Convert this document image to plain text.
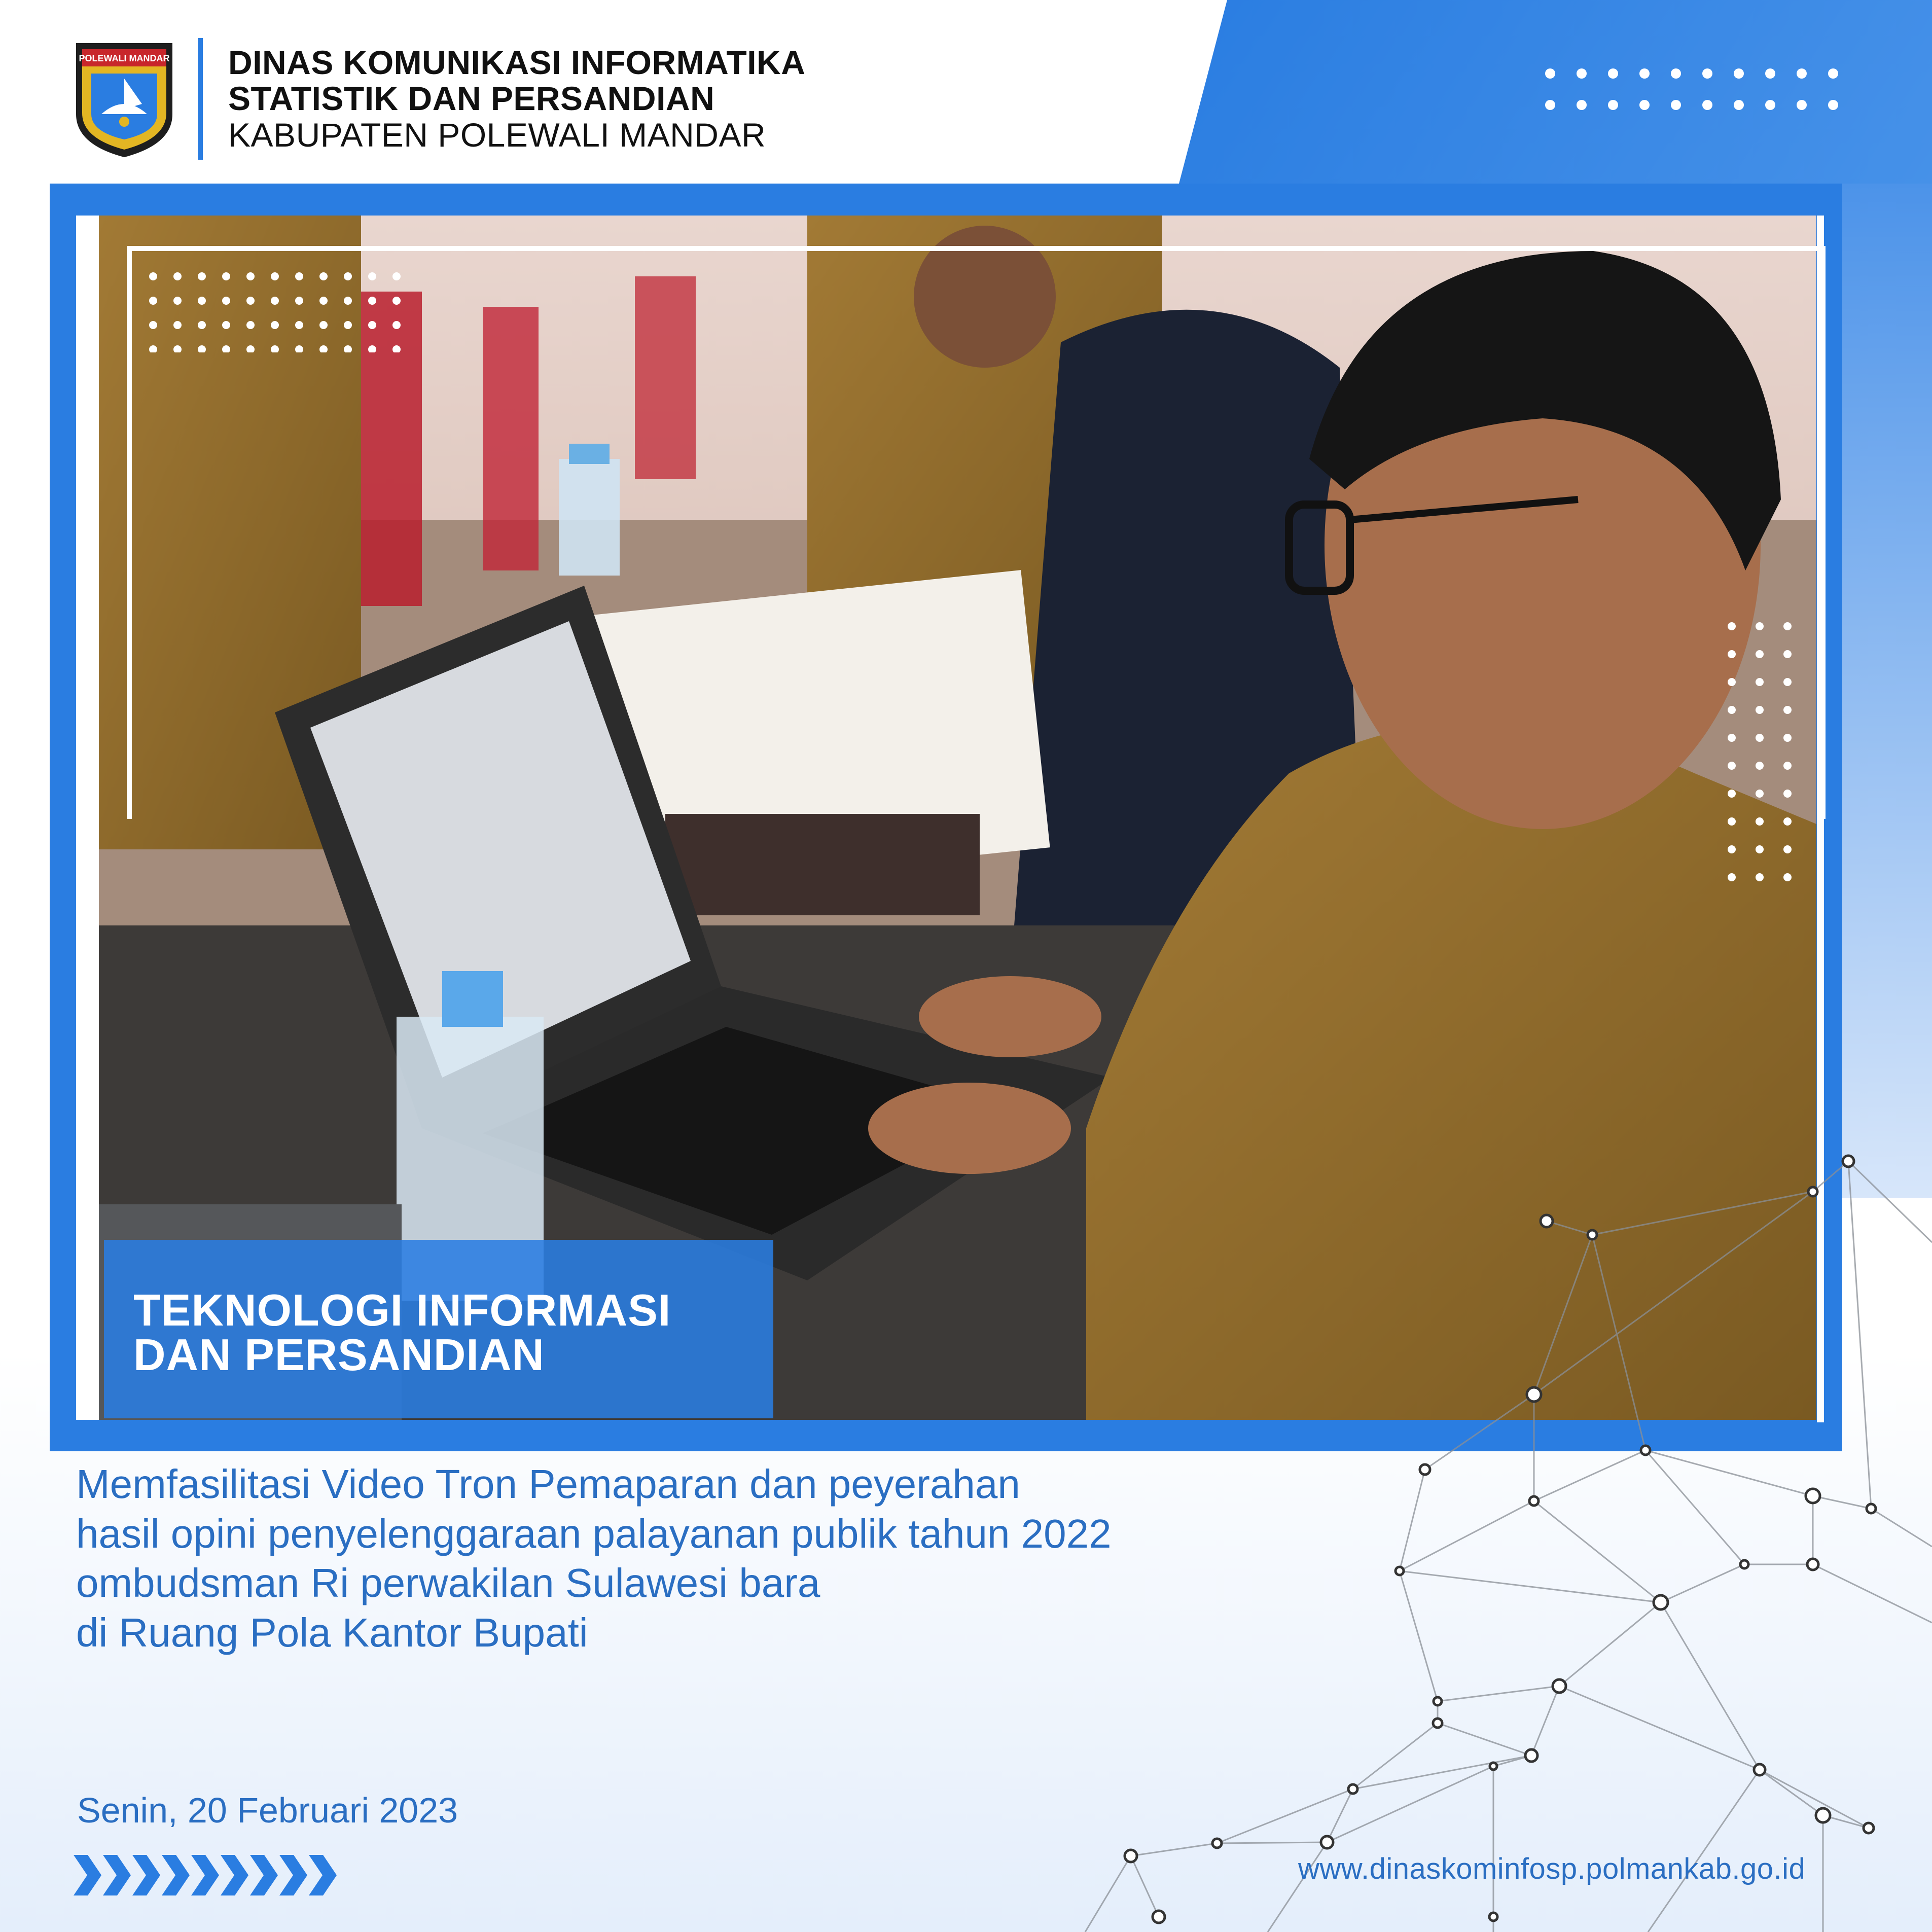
POLEWALI MANDAR DINAS KOMUNIKASI INFORMATIKA
STATISTIK DAN PERSANDIAN
KABUPATEN POLEWALI MANDAR
TEKNOLOGI INFORMASI
DAN PERSANDIAN
Memfasilitasi Video Tron Pemaparan dan peyerahan
hasil opini penyelenggaraan palayanan publik tahun 2022
ombudsman Ri perwakilan Sulawesi bara
di Ruang Pola Kantor Bupati
Senin, 20 Februari 2023
www.dinaskominfosp.polmankab.go.id
